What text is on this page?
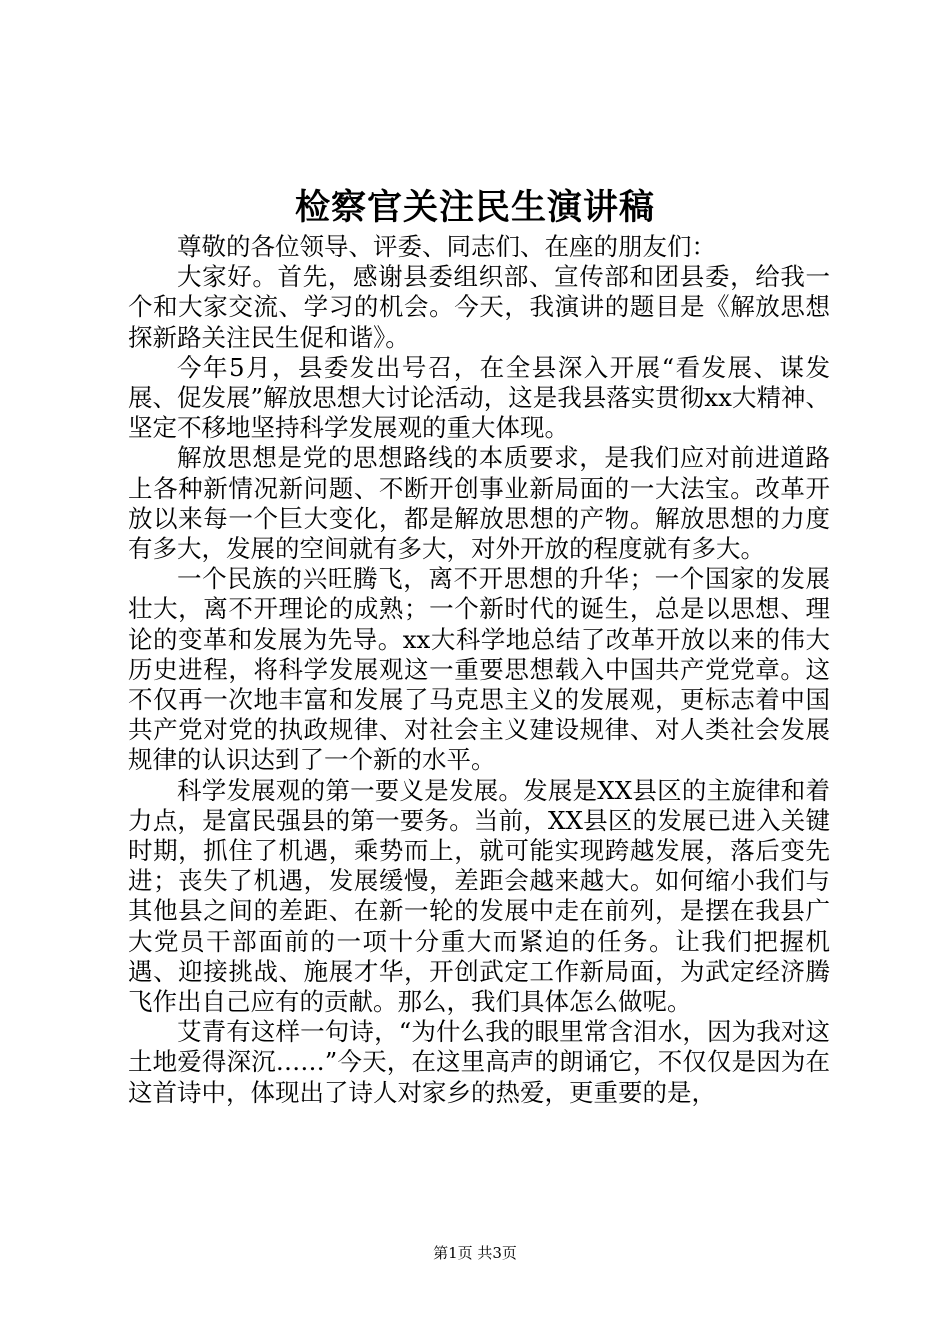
检察官关注民生演讲稿

尊敬的各位领导、评委、同志们、在座的朋友们：

大家好。首先，感谢县委组织部、宣传部和团县委，给我一个和大家交流、学习的机会。今天，我演讲的题目是《解放思想探新路关注民生促和谐》。

今年5月，县委发出号召，在全县深入开展“看发展、谋发展、促发展”解放思想大讨论活动，这是我县落实贯彻xx大精神、坚定不移地坚持科学发展观的重大体现。

解放思想是党的思想路线的本质要求，是我们应对前进道路上各种新情况新问题、不断开创事业新局面的一大法宝。改革开放以来每一个巨大变化，都是解放思想的产物。解放思想的力度有多大，发展的空间就有多大，对外开放的程度就有多大。

一个民族的兴旺腾飞，离不开思想的升华；一个国家的发展壮大，离不开理论的成熟；一个新时代的诞生，总是以思想、理论的变革和发展为先导。xx大科学地总结了改革开放以来的伟大历史进程，将科学发展观这一重要思想载入中国共产党党章。这不仅再一次地丰富和发展了马克思主义的发展观，更标志着中国共产党对党的执政规律、对社会主义建设规律、对人类社会发展规律的认识达到了一个新的水平。

科学发展观的第一要义是发展。发展是XX县区的主旋律和着力点，是富民强县的第一要务。当前，XX县区的发展已进入关键时期，抓住了机遇，乘势而上，就可能实现跨越发展，落后变先进；丧失了机遇，发展缓慢，差距会越来越大。如何缩小我们与其他县之间的差距、在新一轮的发展中走在前列，是摆在我县广大党员干部面前的一项十分重大而紧迫的任务。让我们把握机遇、迎接挑战、施展才华，开创武定工作新局面，为武定经济腾飞作出自己应有的贡献。那么，我们具体怎么做呢。

艾青有这样一句诗，“为什么我的眼里常含泪水，因为我对这土地爱得深沉……”今天，在这里高声的朗诵它，不仅仅是因为在这首诗中，体现出了诗人对家乡的热爱，更重要的是，

第1页 共3页
